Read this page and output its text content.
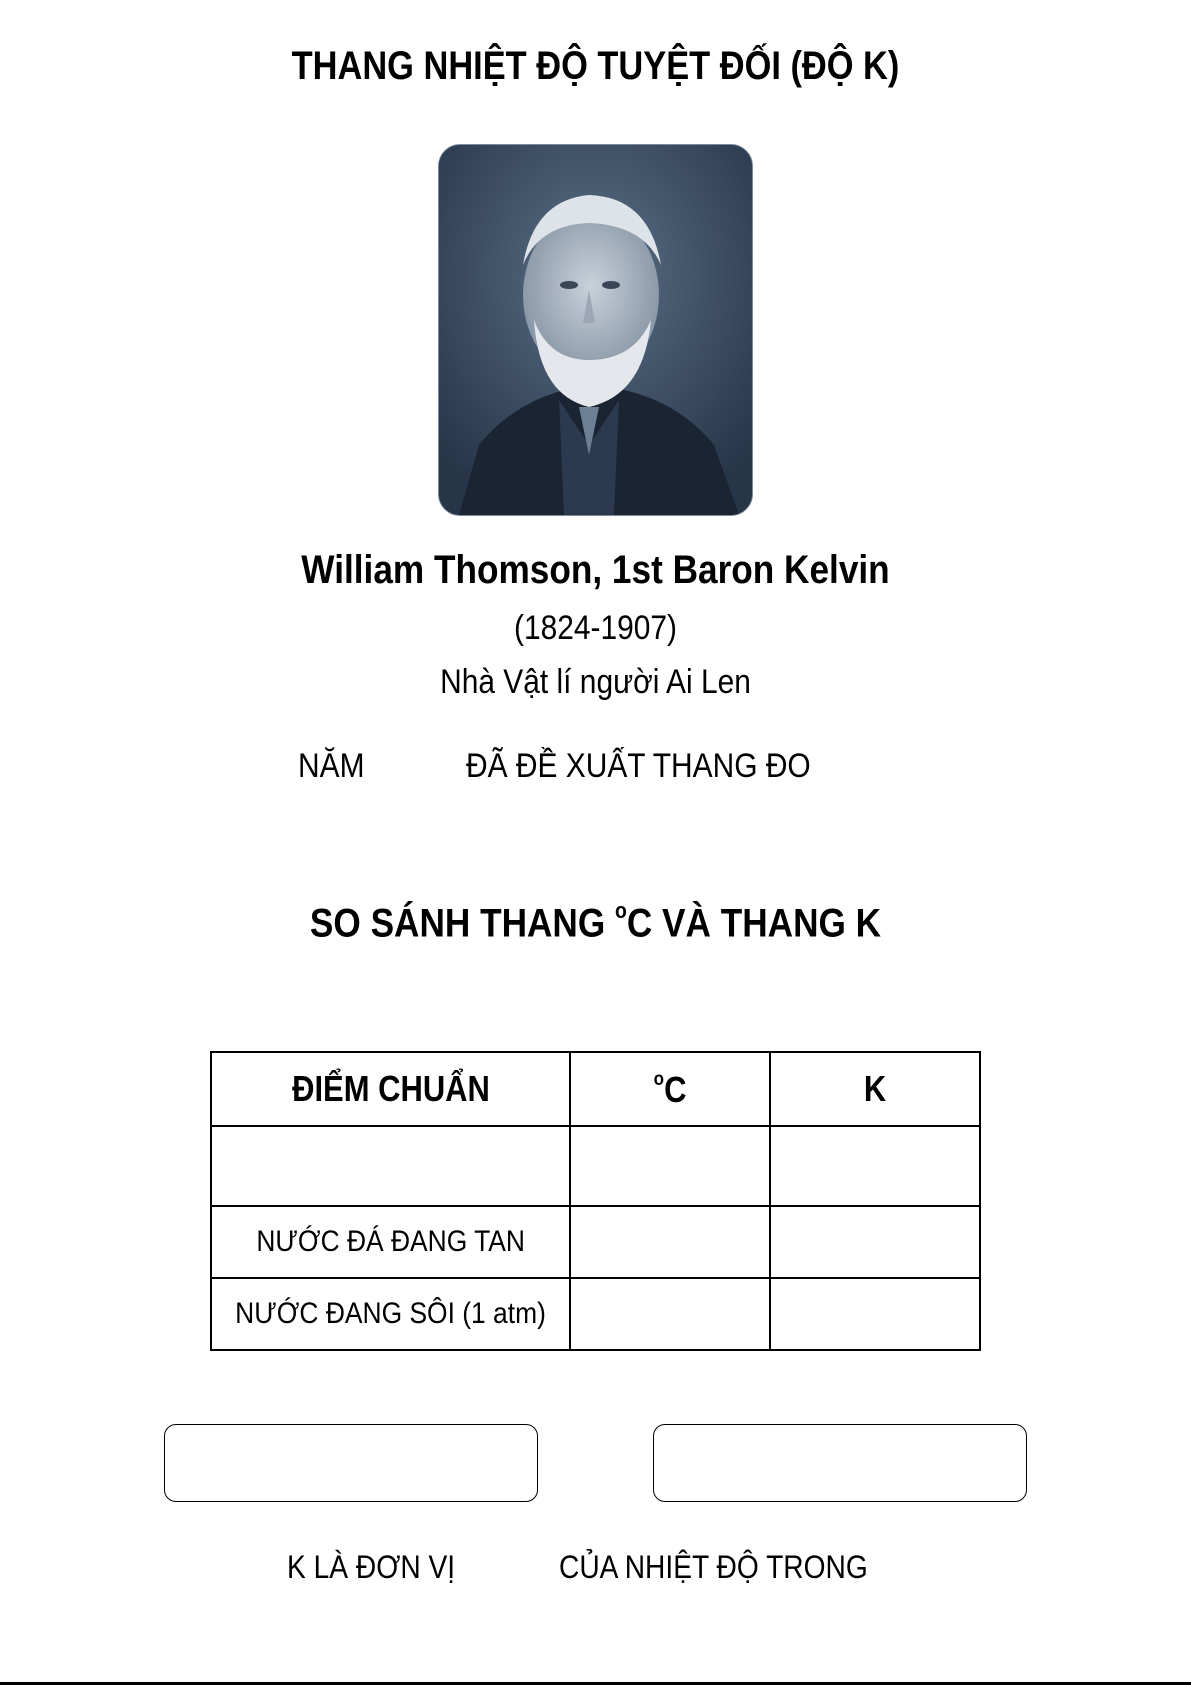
THANG NHIỆT ĐỘ TUYỆT ĐỐI (ĐỘ K)
William Thomson, 1st Baron Kelvin
(1824-1907)
Nhà Vật lí người Ai Len
NĂM	ĐÃ ĐỀ XUẤT THANG ĐO
SO SÁNH THANG $^o$C VÀ THANG K
ĐIỂM CHUẨN	$^o$C	K

NƯỚC ĐÁ ĐANG TAN		
NƯỚC ĐANG SÔI (1 atm)		
K LÀ ĐƠN VỊ	CỦA NHIỆT ĐỘ TRONG
